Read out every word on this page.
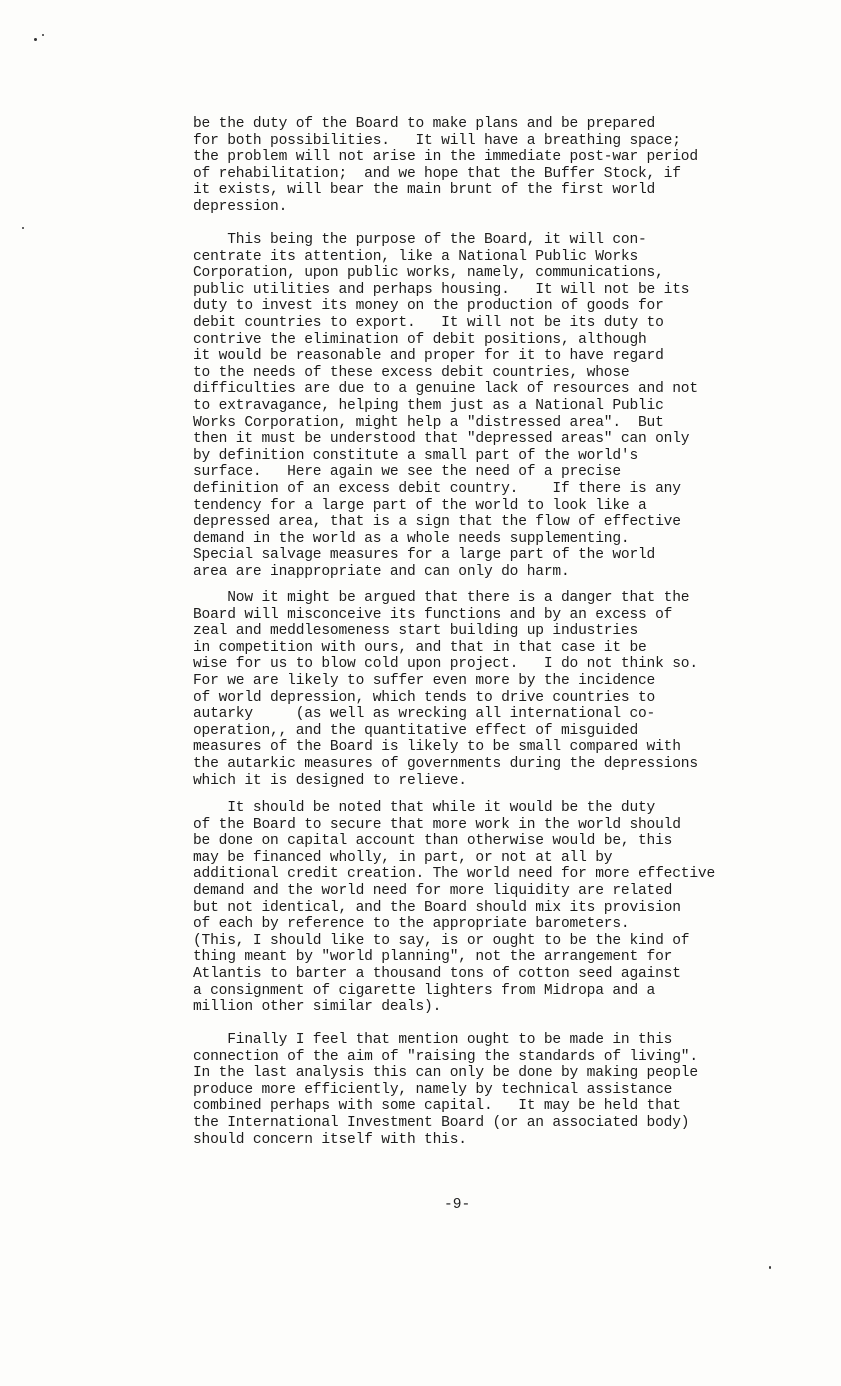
be the duty of the Board to make plans and be prepared
for both possibilities.   It will have a breathing space;
the problem will not arise in the immediate post-war period
of rehabilitation;  and we hope that the Buffer Stock, if
it exists, will bear the main brunt of the first world
depression.

This being the purpose of the Board, it will con-
centrate its attention, like a National Public Works
Corporation, upon public works, namely, communications,
public utilities and perhaps housing.   It will not be its
duty to invest its money on the production of goods for
debit countries to export.   It will not be its duty to
contrive the elimination of debit positions, although
it would be reasonable and proper for it to have regard
to the needs of these excess debit countries, whose
difficulties are due to a genuine lack of resources and not
to extravagance, helping them just as a National Public
Works Corporation, might help a "distressed area".  But
then it must be understood that "depressed areas" can only
by definition constitute a small part of the world's
surface.   Here again we see the need of a precise
definition of an excess debit country.    If there is any
tendency for a large part of the world to look like a
depressed area, that is a sign that the flow of effective
demand in the world as a whole needs supplementing.
Special salvage measures for a large part of the world
area are inappropriate and can only do harm.

Now it might be argued that there is a danger that the
Board will misconceive its functions and by an excess of
zeal and meddlesomeness start building up industries
in competition with ours, and that in that case it be
wise for us to blow cold upon project.   I do not think so.
For we are likely to suffer even more by the incidence
of world depression, which tends to drive countries to
autarky     (as well as wrecking all international co-
operation,, and the quantitative effect of misguided
measures of the Board is likely to be small compared with
the autarkic measures of governments during the depressions
which it is designed to relieve.

It should be noted that while it would be the duty
of the Board to secure that more work in the world should
be done on capital account than otherwise would be, this
may be financed wholly, in part, or not at all by
additional credit creation. The world need for more effective
demand and the world need for more liquidity are related
but not identical, and the Board should mix its provision
of each by reference to the appropriate barometers.
(This, I should like to say, is or ought to be the kind of
thing meant by "world planning", not the arrangement for
Atlantis to barter a thousand tons of cotton seed against
a consignment of cigarette lighters from Midropa and a
million other similar deals).

Finally I feel that mention ought to be made in this
connection of the aim of "raising the standards of living".
In the last analysis this can only be done by making people
produce more efficiently, namely by technical assistance
combined perhaps with some capital.   It may be held that
the International Investment Board (or an associated body)
should concern itself with this.

-9-
